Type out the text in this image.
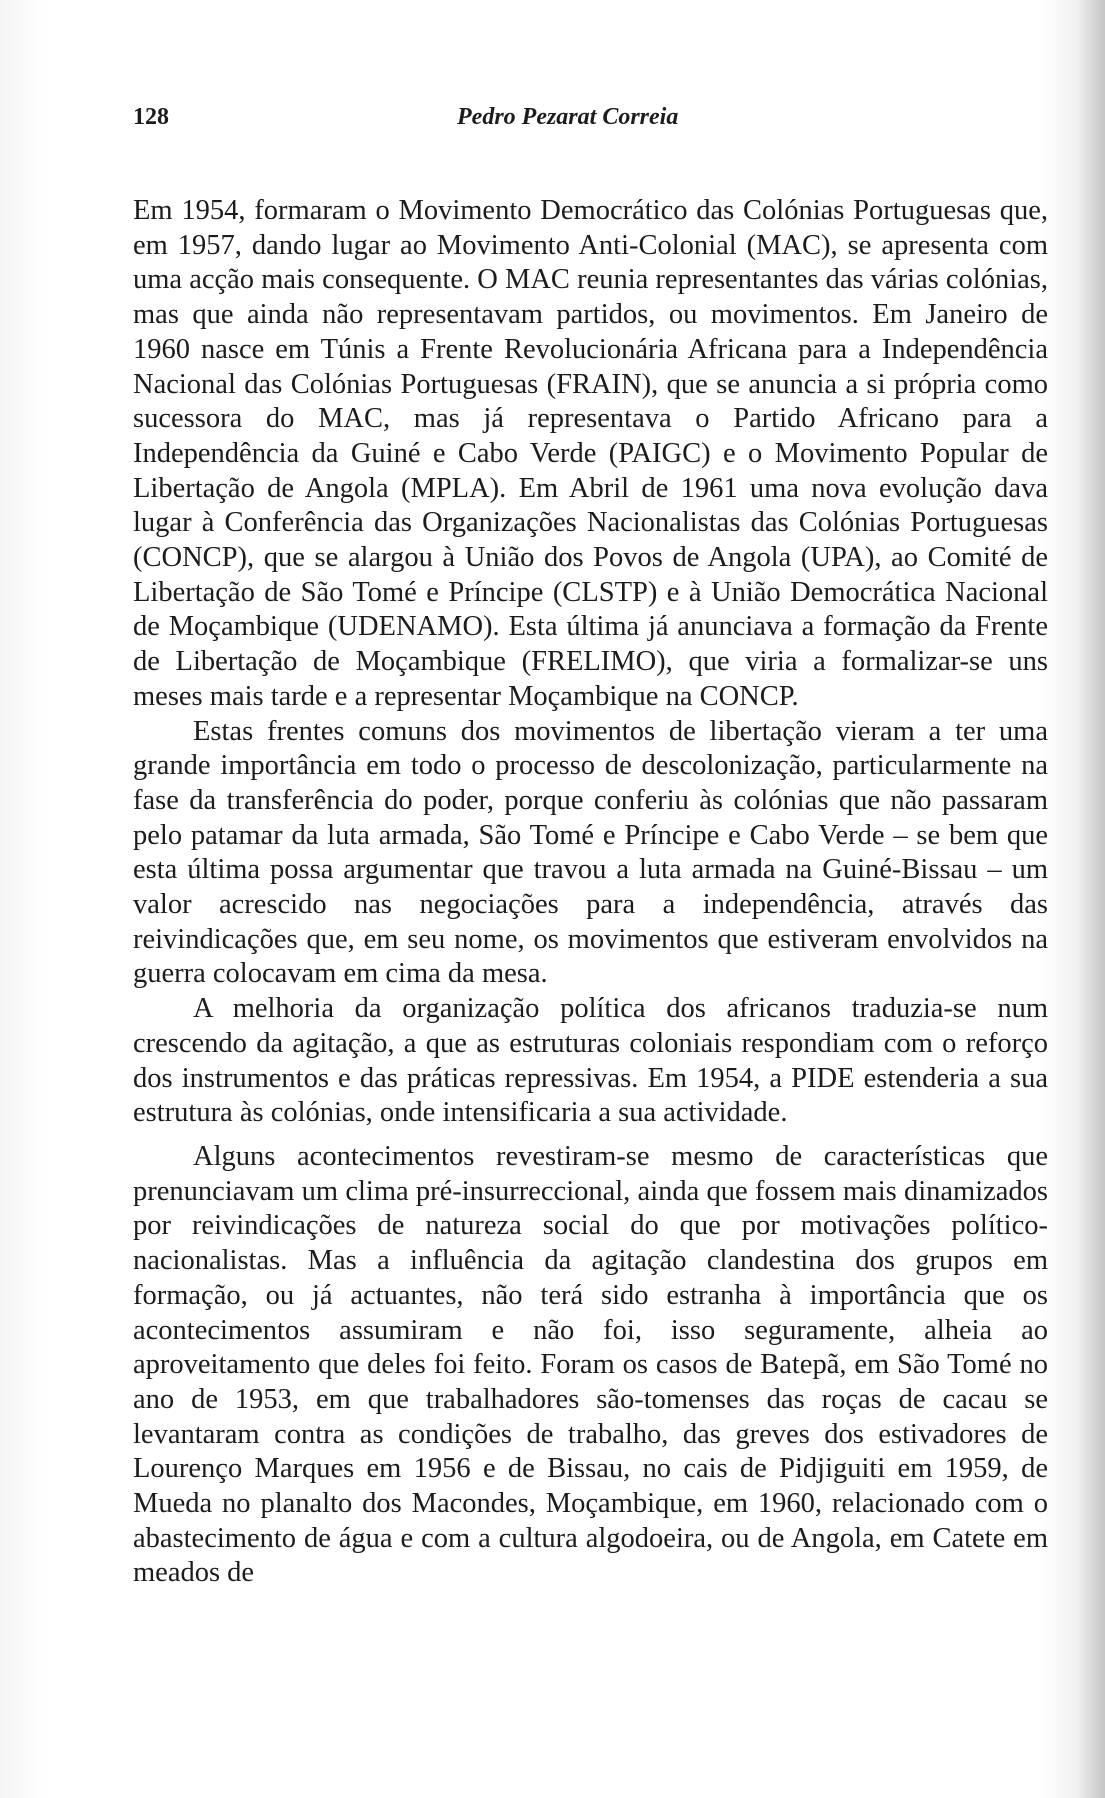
128	Pedro Pezarat Correia

Em 1954, formaram o Movimento Democrático das Colónias Portuguesas que, em 1957, dando lugar ao Movimento Anti-Colonial (MAC), se apresenta com uma acção mais consequente. O MAC reunia representantes das várias colónias, mas que ainda não representavam partidos, ou movimentos. Em Janeiro de 1960 nasce em Túnis a Frente Revolucionária Africana para a Independência Nacional das Colónias Portuguesas (FRAIN), que se anuncia a si própria como sucessora do MAC, mas já representava o Partido Africano para a Independência da Guiné e Cabo Verde (PAIGC) e o Movimento Popular de Libertação de Angola (MPLA). Em Abril de 1961 uma nova evolução dava lugar à Conferência das Organizações Nacionalistas das Colónias Portuguesas (CONCP), que se alargou à União dos Povos de Angola (UPA), ao Comité de Libertação de São Tomé e Príncipe (CLSTP) e à União Democrática Nacional de Moçambique (UDENAMO). Esta última já anunciava a formação da Frente de Libertação de Moçambique (FRELIMO), que viria a formalizar-se uns meses mais tarde e a representar Moçambique na CONCP.

Estas frentes comuns dos movimentos de libertação vieram a ter uma grande importância em todo o processo de descolonização, particularmente na fase da transferência do poder, porque conferiu às colónias que não passaram pelo patamar da luta armada, São Tomé e Príncipe e Cabo Verde – se bem que esta última possa argumentar que travou a luta armada na Guiné-Bissau – um valor acrescido nas negociações para a independência, através das reivindicações que, em seu nome, os movimentos que estiveram envolvidos na guerra colocavam em cima da mesa.

A melhoria da organização política dos africanos traduzia-se num crescendo da agitação, a que as estruturas coloniais respondiam com o reforço dos instrumentos e das práticas repressivas. Em 1954, a PIDE estenderia a sua estrutura às colónias, onde intensificaria a sua actividade.

Alguns acontecimentos revestiram-se mesmo de características que prenunciavam um clima pré-insurreccional, ainda que fossem mais dinamizados por reivindicações de natureza social do que por motivações político-nacionalistas. Mas a influência da agitação clandestina dos grupos em formação, ou já actuantes, não terá sido estranha à importância que os acontecimentos assumiram e não foi, isso seguramente, alheia ao aproveitamento que deles foi feito. Foram os casos de Batepã, em São Tomé no ano de 1953, em que trabalhadores são-tomenses das roças de cacau se levantaram contra as condições de trabalho, das greves dos estivadores de Lourenço Marques em 1956 e de Bissau, no cais de Pidjiguiti em 1959, de Mueda no planalto dos Macondes, Moçambique, em 1960, relacionado com o abastecimento de água e com a cultura algodoeira, ou de Angola, em Catete em meados de
